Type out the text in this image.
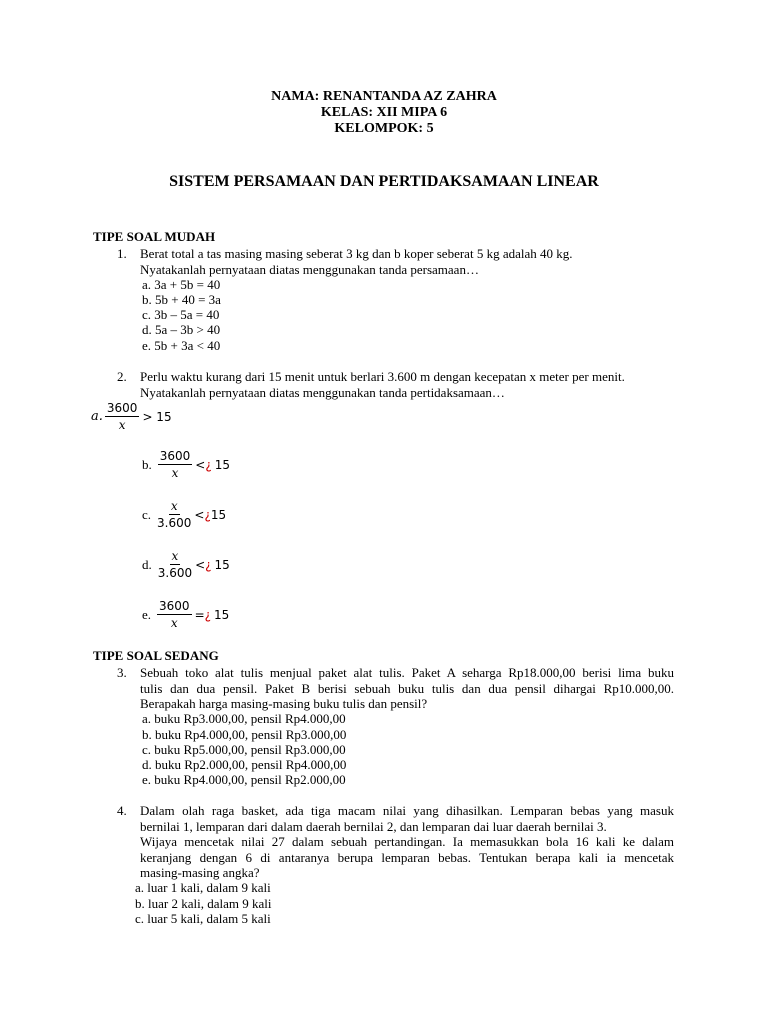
NAMA: RENANTANDA AZ ZAHRA
KELAS: XII MIPA 6
KELOMPOK: 5
SISTEM PERSAMAAN DAN PERTIDAKSAMAAN LINEAR
TIPE SOAL MUDAH
1. Berat total a tas masing masing seberat 3 kg dan b koper seberat 5 kg adalah 40 kg.
Nyatakanlah pernyataan diatas menggunakan tanda persamaan…
a. 3a + 5b = 40
b. 5b + 40 = 3a
c. 3b – 5a = 40
d. 5a – 3b > 40
e. 5b + 3a < 40
2. Perlu waktu kurang dari 15 menit untuk berlari 3.600 m dengan kecepatan x meter per menit.
Nyatakanlah pernyataan diatas menggunakan tanda pertidaksamaan…
a. $\frac{3600}{x} > 15$
b. $\frac{3600}{x}$ < ¿ 15
c. $\frac{x}{3.600}$ < ¿ 15
d. $\frac{x}{3.600}$ < ¿ 15
e. $\frac{3600}{x}$ = ¿ 15
TIPE SOAL SEDANG
3. Sebuah toko alat tulis menjual paket alat tulis. Paket A seharga Rp18.000,00 berisi lima buku
tulis dan dua pensil. Paket B berisi sebuah buku tulis dan dua pensil dihargai Rp10.000,00.
Berapakah harga masing-masing buku tulis dan pensil?
a. buku Rp3.000,00, pensil Rp4.000,00
b. buku Rp4.000,00, pensil Rp3.000,00
c. buku Rp5.000,00, pensil Rp3.000,00
d. buku Rp2.000,00, pensil Rp4.000,00
e. buku Rp4.000,00, pensil Rp2.000,00
4. Dalam olah raga basket, ada tiga macam nilai yang dihasilkan. Lemparan bebas yang masuk
bernilai 1, lemparan dari dalam daerah bernilai 2, dan lemparan dai luar daerah bernilai 3.
Wijaya mencetak nilai 27 dalam sebuah pertandingan. Ia memasukkan bola 16 kali ke dalam
keranjang dengan 6 di antaranya berupa lemparan bebas. Tentukan berapa kali ia mencetak
masing-masing angka?
a. luar 1 kali, dalam 9 kali
b. luar 2 kali, dalam 9 kali
c. luar 5 kali, dalam 5 kali
